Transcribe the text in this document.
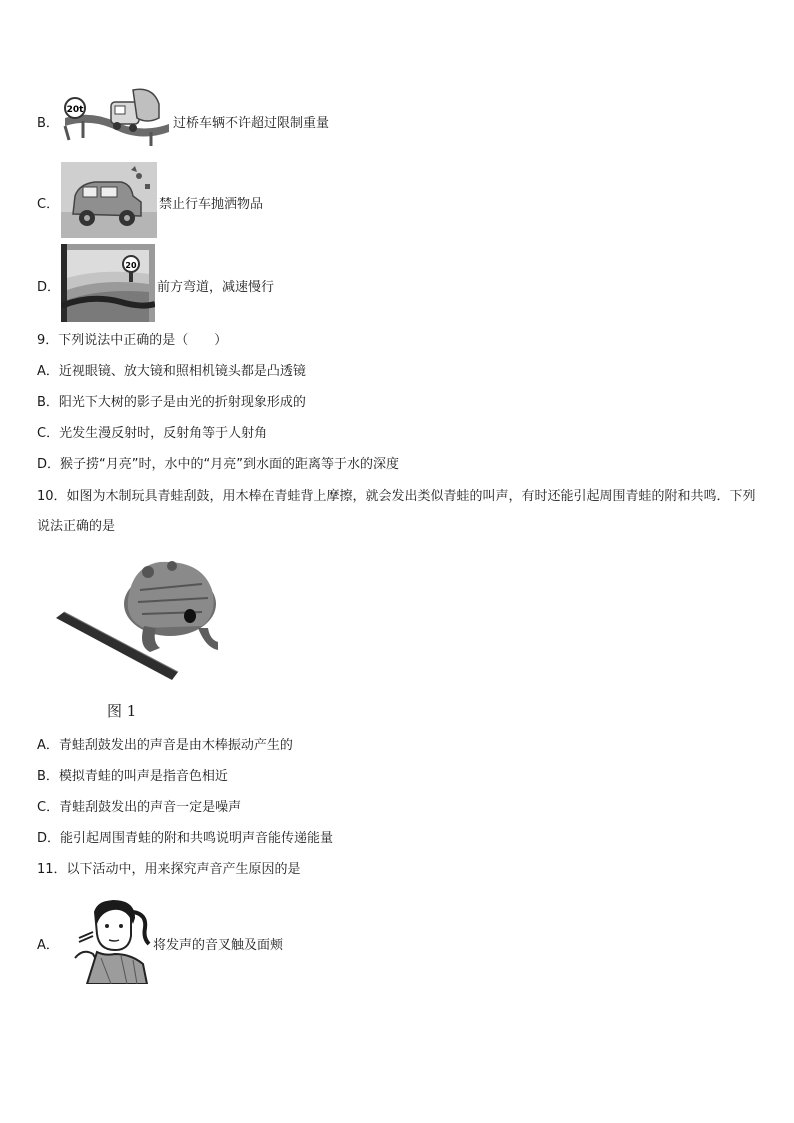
B．
20t
过桥车辆不许超过限制重量
C．	禁止行车抛洒物品
D．
20
前方弯道，减速慢行
9．下列说法中正确的是（　　）
A．近视眼镜、放大镜和照相机镜头都是凸透镜
B．阳光下大树的影子是由光的折射现象形成的
C．光发生漫反射时，反射角等于人射角
D．猴子捞“月亮”时，水中的“月亮”到水面的距离等于水的深度
10．如图为木制玩具青蛙刮鼓，用木棒在青蛙背上摩擦，就会发出类似青蛙的叫声，有时还能引起周围青蛙的附和共鸣．下列说法正确的是
图 1
A．青蛙刮鼓发出的声音是由木棒振动产生的
B．模拟青蛙的叫声是指音色相近
C．青蛙刮鼓发出的声音一定是噪声
D．能引起周围青蛙的附和共鸣说明声音能传递能量
11．以下活动中，用来探究声音产生原因的是
A．	将发声的音叉触及面颊
